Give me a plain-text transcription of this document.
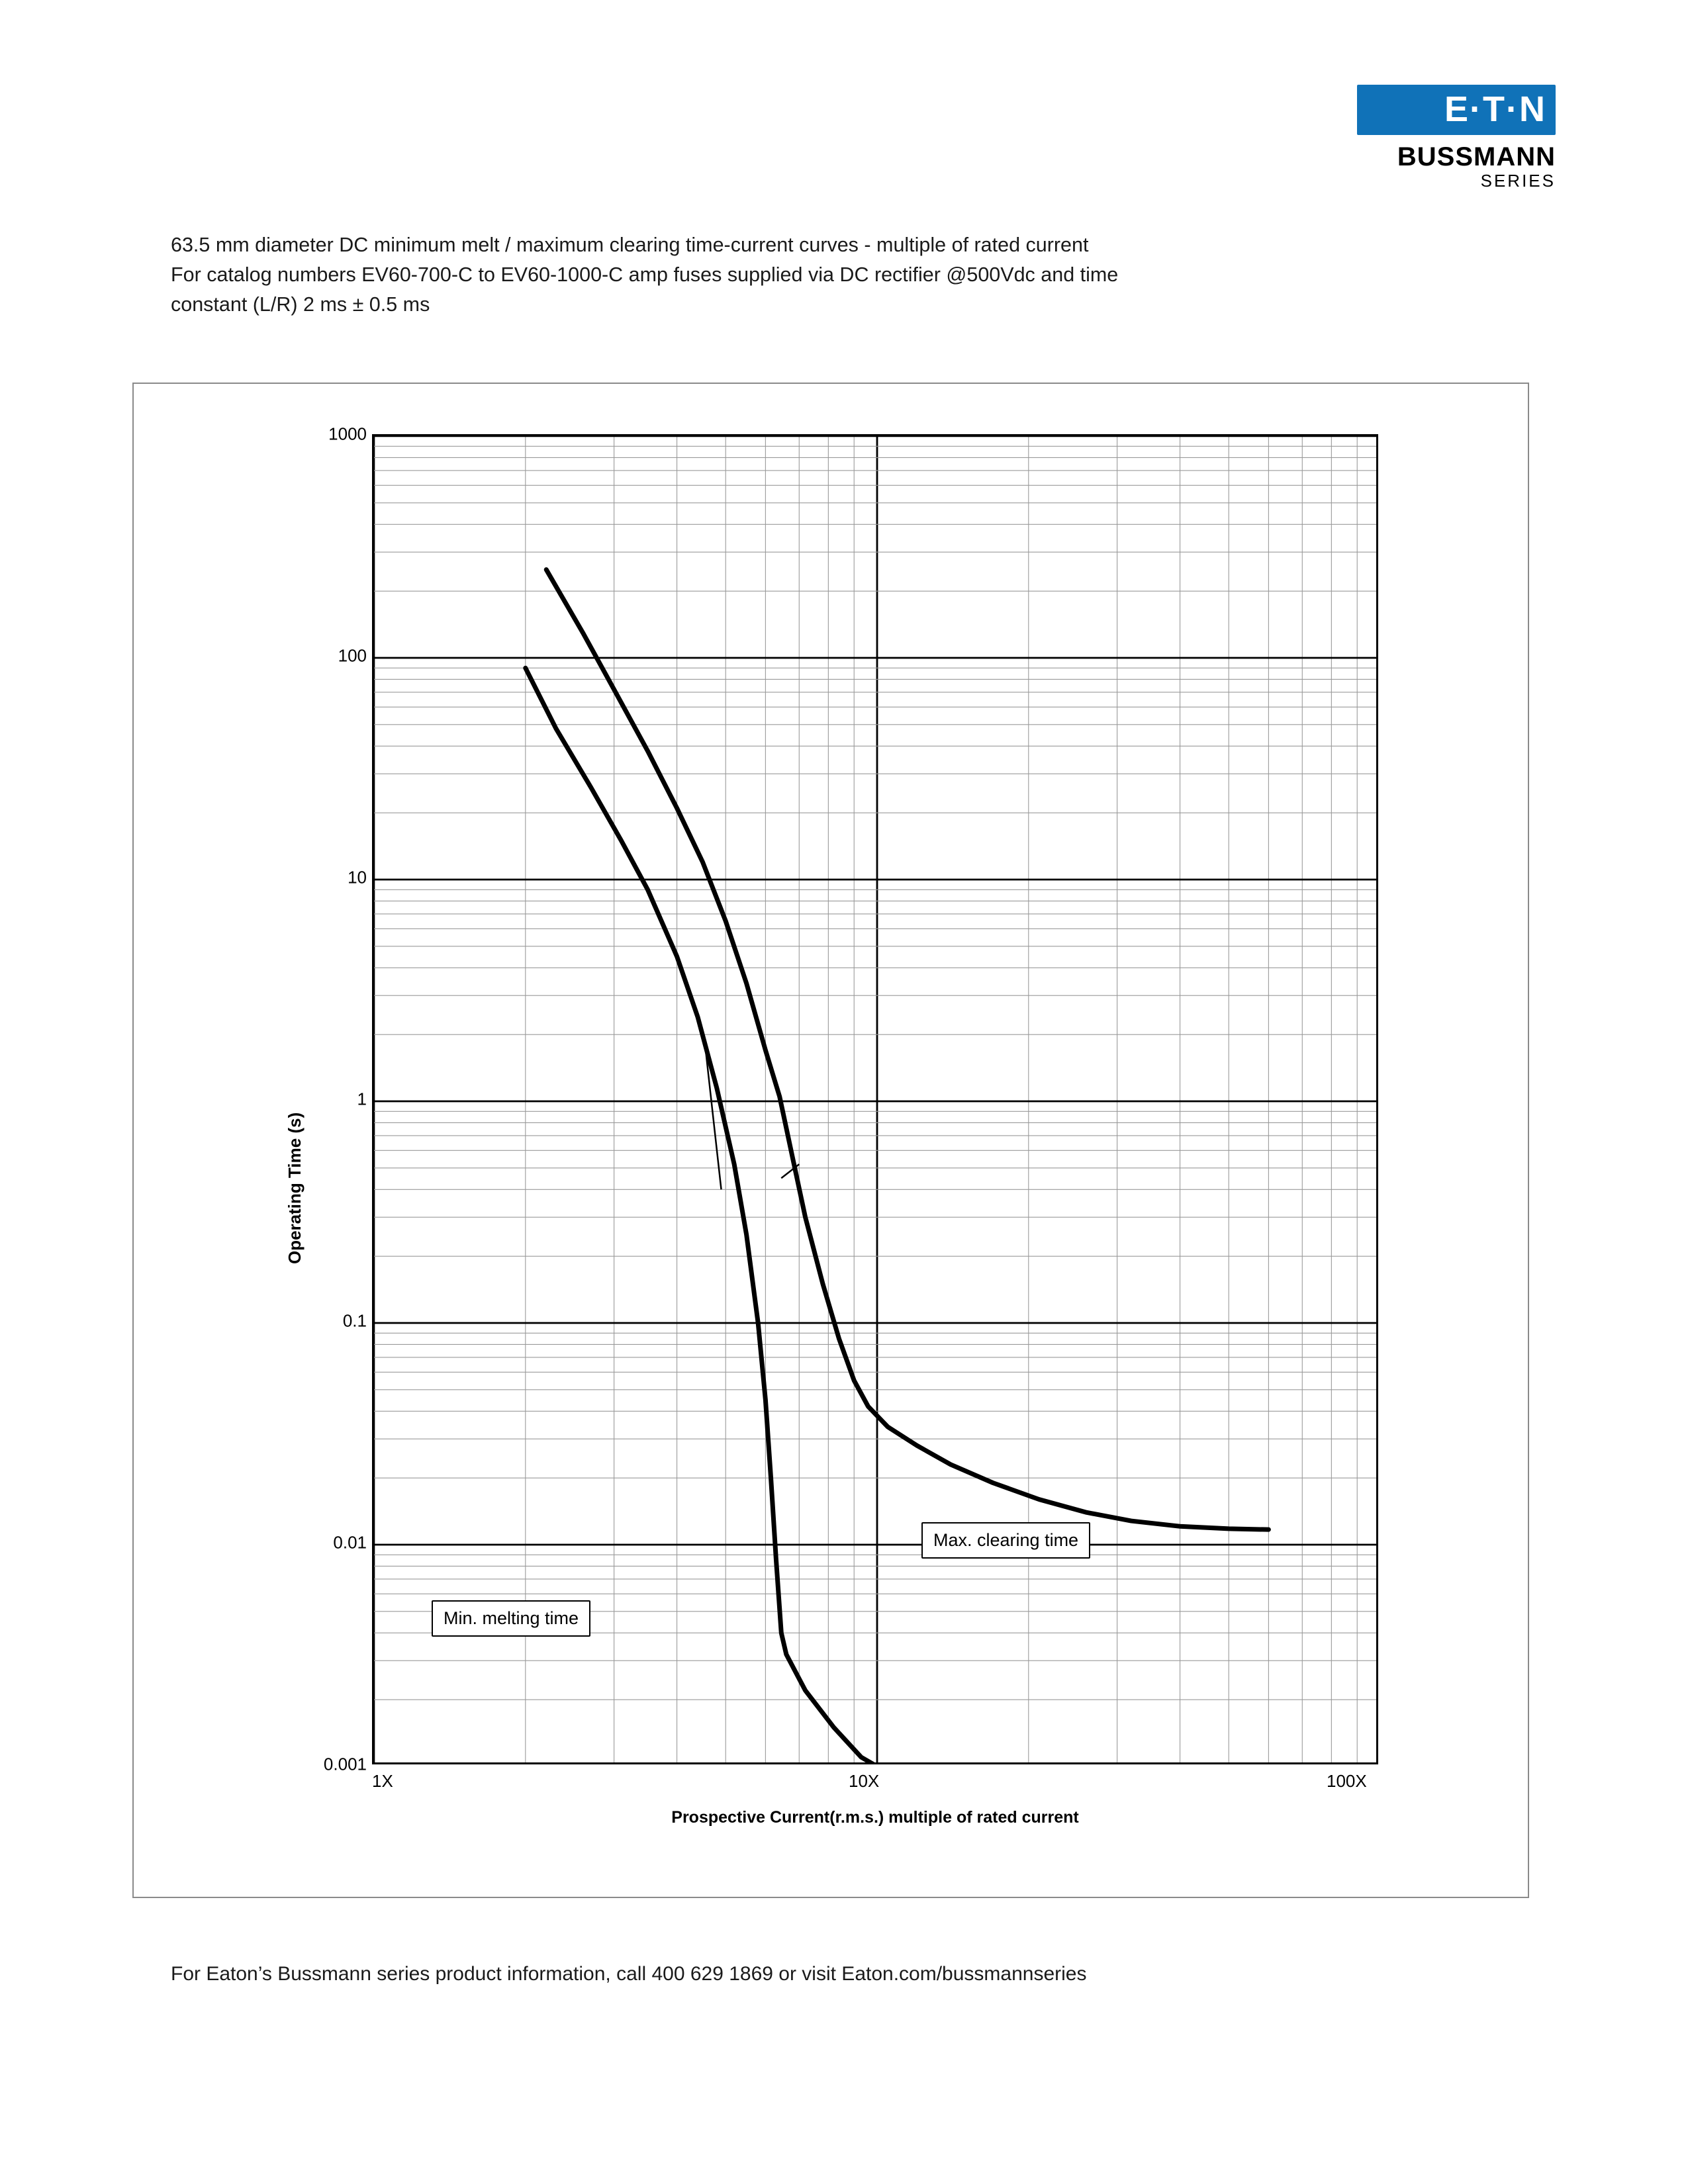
E·T·N
BUSSMANN
SERIES
63.5 mm diameter DC minimum melt / maximum clearing time-current curves - multiple of rated current
For catalog numbers EV60-700-C to EV60-1000-C amp fuses supplied via DC rectifier @500Vdc and time
constant (L/R) 2 ms ± 0.5 ms
Operating Time (s)
0.001
0.01
0.1
1
10
100
1000
Prospective Current(r.m.s.) multiple of rated current
Max. clearing time
Min. melting time
1X	10X	100X
For Eaton’s Bussmann series product information, call 400 629 1869 or visit Eaton.com/bussmannseries
